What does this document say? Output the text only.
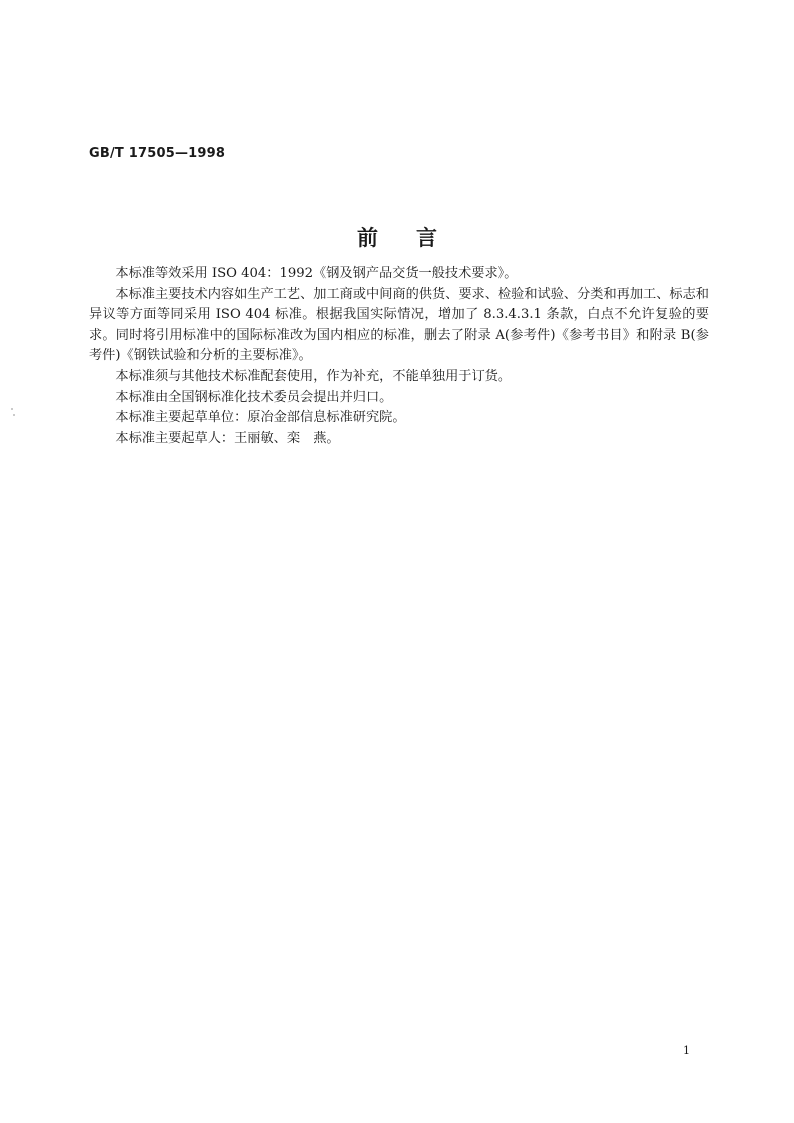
GB/T 17505—1998
前言

本标准等效采用 ISO 404：1992《钢及钢产品交货一般技术要求》。

本标准主要技术内容如生产工艺、加工商或中间商的供货、要求、检验和试验、分类和再加工、标志和异议等方面等同采用 ISO 404 标准。根据我国实际情况，增加了 8.3.4.3.1 条款，白点不允许复验的要求。同时将引用标准中的国际标准改为国内相应的标准，删去了附录 A(参考件)《参考书目》和附录 B(参考件)《钢铁试验和分析的主要标准》。

本标准须与其他技术标准配套使用，作为补充，不能单独用于订货。

本标准由全国钢标准化技术委员会提出并归口。

本标准主要起草单位：原冶金部信息标准研究院。

本标准主要起草人：王丽敏、栾　燕。

1
